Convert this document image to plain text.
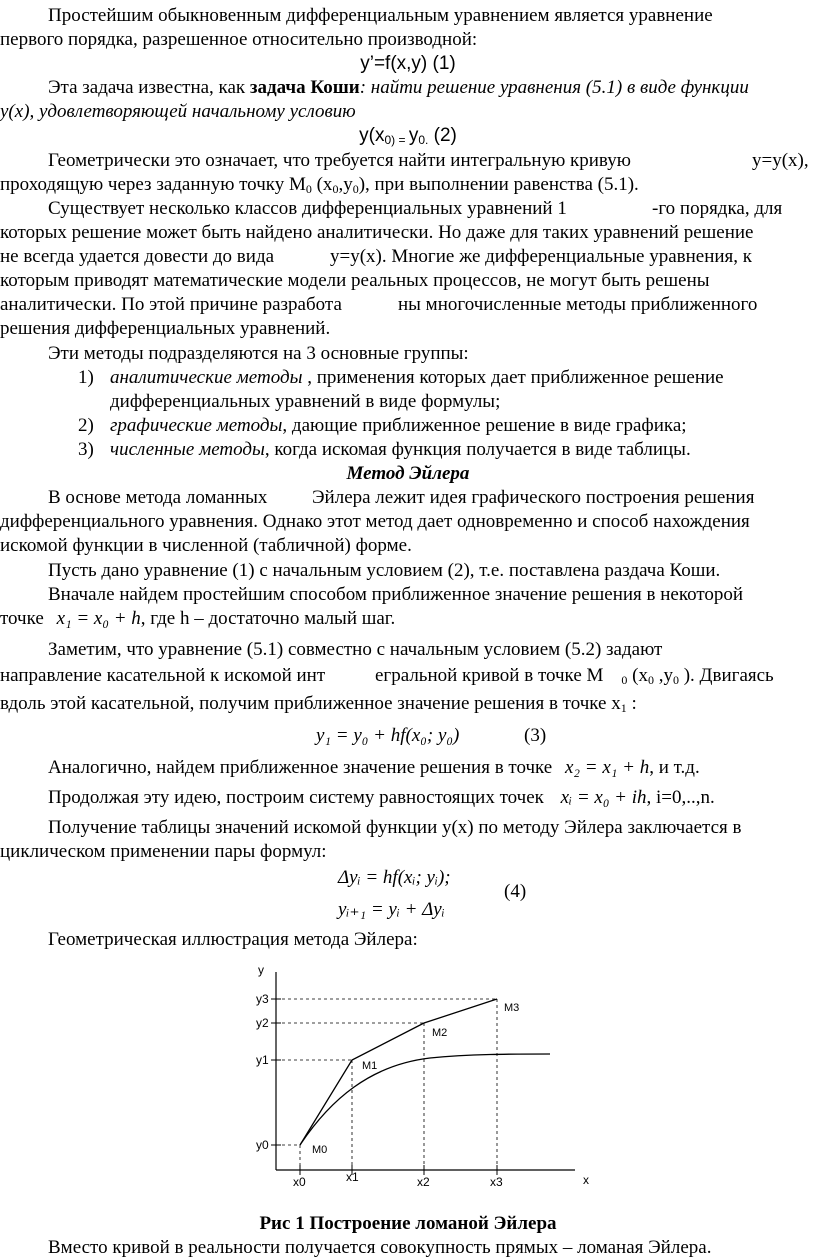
Простейшим обыкновенным дифференциальным уравнением является уравнение
первого порядка, разрешенное относительно производной:
y’=f(x,y) (1)
Эта задача известна, как задача Коши: найти решение уравнения (5.1) в виде функции
y(x), удовлетворяющей начальному условию
$y(x_{0) =}$ $y_{0.}$ (2)
Геометрически это означает, что требуется найти интегральную кривую	y=y(x),
проходящую через заданную точку $M_0$ $(x_0,y_0)$, при выполнении равенства (5.1).
Существует несколько классов дифференциальных уравнений 1	-го порядка, для
которых решение может быть найдено аналитически. Но даже для таких уравнений решение
не всегда удается довести до вида	y=y(x). Многие же дифференциальные уравнения, к
которым приводят математические модели реальных процессов, не могут быть решены
аналитически. По этой причине разработа	ны многочисленные методы приближенного
решения дифференциальных уравнений.
Эти методы подразделяются на 3 основные группы:
1) аналитические методы , применения которых дает приближенное решение
дифференциальных уравнений в виде формулы;
2) графические методы, дающие приближенное решение в виде графика;
3) численные методы, когда искомая функция получается в виде таблицы.
Метод Эйлера
В основе метода ломанных Эйлера лежит идея графического построения решения
дифференциального уравнения. Однако этот метод дает одновременно и способ нахождения
искомой функции в численной (табличной) форме.
Пусть дано уравнение (1) с начальным условием (2), т.е. поставлена раздача Коши.
Вначале найдем простейшим способом приближенное значение решения в некоторой
точке x₁ = x₀ + h, где h – достаточно малый шаг.
Заметим, что уравнение (5.1) совместно с начальным условием (5.2) задают
направление касательной к искомой инт	егральной кривой в точке M $_0$ ($x_0$ $,y_0$ ). Двигаясь
вдоль этой касательной, получим приближенное значение решения в точке $x_1$ :
y₁ = y₀ + hf(x₀; y₀)	(3)
Аналогично, найдем приближенное значение решения в точке x₂ = x₁ + h, и т.д.
Продолжая эту идею, построим систему равностоящих точек xᵢ = x₀ + ih, i=0,..,n.
Получение таблицы значений искомой функции y(x) по методу Эйлера заключается в
циклическом применении пары формул:
Δyᵢ = hf(xᵢ; yᵢ);
(4)
yᵢ₊₁ = yᵢ + Δyᵢ
Геометрическая иллюстрация метода Эйлера:
y
x
y3
y2
y1
y0
x0	x1	x2	x3
M0
M1
M2
M3
Рис 1 Построение ломаной Эйлера
Вместо кривой в реальности получается совокупность прямых – ломаная Эйлера.
